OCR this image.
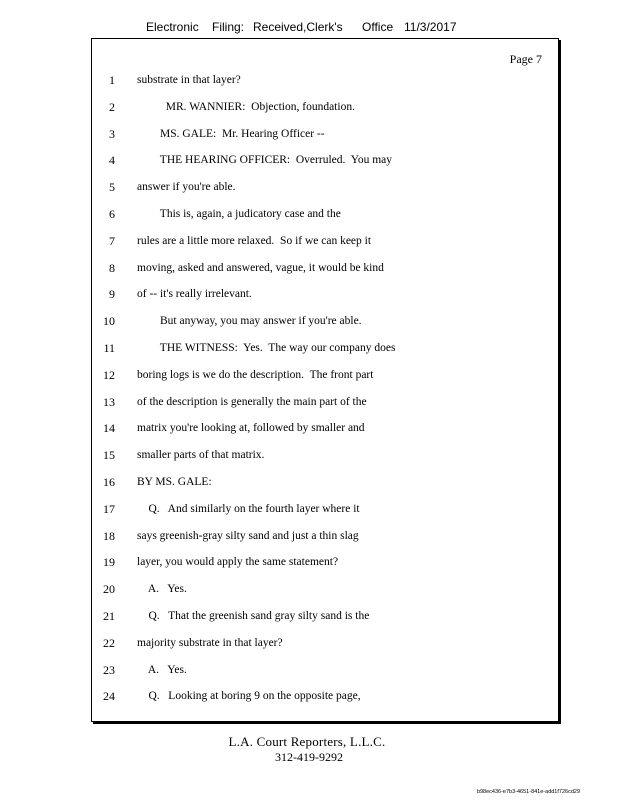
Electronic Filing: Received,Clerk's Office 11/3/2017
Page 7
1 substrate in that layer?
2 MR. WANNIER:  Objection, foundation.
3 MS. GALE:  Mr. Hearing Officer --
4 THE HEARING OFFICER:  Overruled.  You may
5 answer if you're able.
6 This is, again, a judicatory case and the
7 rules are a little more relaxed.  So if we can keep it
8 moving, asked and answered, vague, it would be kind
9 of -- it's really irrelevant.
10 But anyway, you may answer if you're able.
11 THE WITNESS:  Yes.  The way our company does
12 boring logs is we do the description.  The front part
13 of the description is generally the main part of the
14 matrix you're looking at, followed by smaller and
15 smaller parts of that matrix.
16 BY MS. GALE:
17 Q.   And similarly on the fourth layer where it
18 says greenish-gray silty sand and just a thin slag
19 layer, you would apply the same statement?
20 A.   Yes.
21 Q.   That the greenish sand gray silty sand is the
22 majority substrate in that layer?
23 A.   Yes.
24 Q.   Looking at boring 9 on the opposite page,
L.A. Court Reporters, L.L.C.
312-419-9292
b98ec436-e7b3-4651-841e-add1f726cd29
